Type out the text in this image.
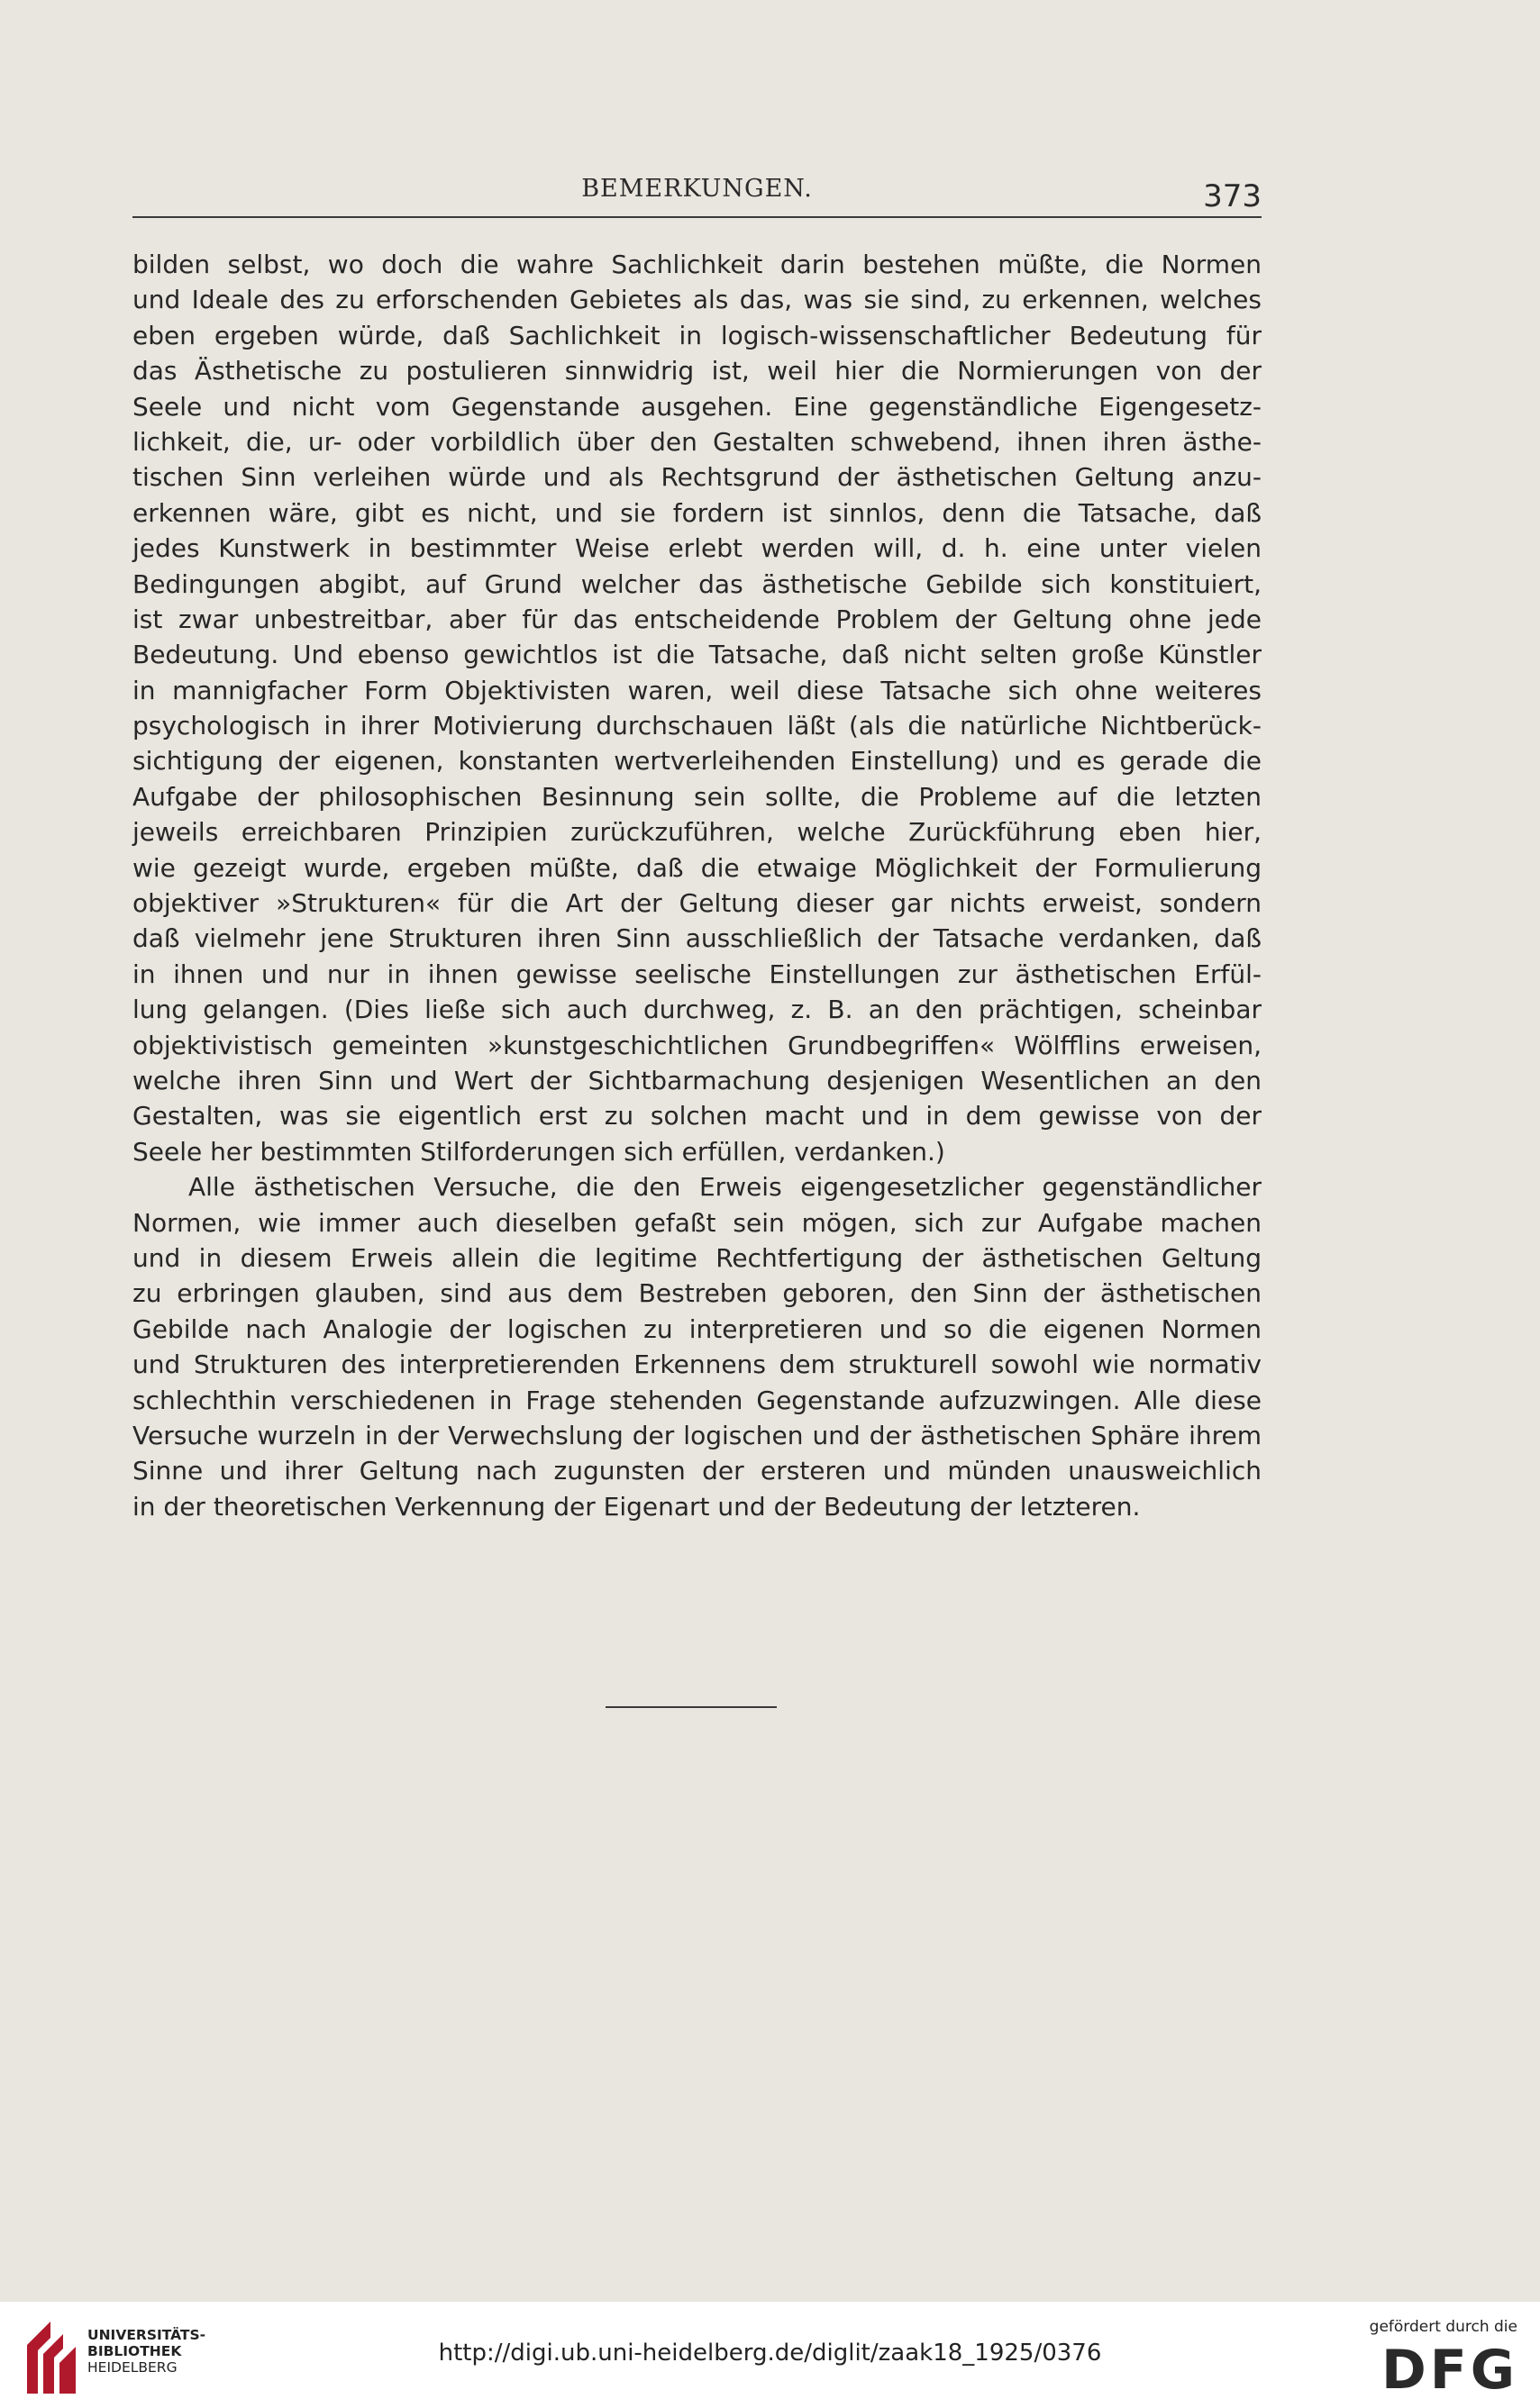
BEMERKUNGEN.	373
bilden selbst, wo doch die wahre Sachlichkeit darin bestehen müßte, die Normen
und Ideale des zu erforschenden Gebietes als das, was sie sind, zu erkennen, welches
eben ergeben würde, daß Sachlichkeit in logisch-wissenschaftlicher Bedeutung für
das Ästhetische zu postulieren sinnwidrig ist, weil hier die Normierungen von der
Seele und nicht vom Gegenstande ausgehen. Eine gegenständliche Eigengesetz-
lichkeit, die, ur- oder vorbildlich über den Gestalten schwebend, ihnen ihren ästhe-
tischen Sinn verleihen würde und als Rechtsgrund der ästhetischen Geltung anzu-
erkennen wäre, gibt es nicht, und sie fordern ist sinnlos, denn die Tatsache, daß
jedes Kunstwerk in bestimmter Weise erlebt werden will, d. h. eine unter vielen
Bedingungen abgibt, auf Grund welcher das ästhetische Gebilde sich konstituiert,
ist zwar unbestreitbar, aber für das entscheidende Problem der Geltung ohne jede
Bedeutung. Und ebenso gewichtlos ist die Tatsache, daß nicht selten große Künstler
in mannigfacher Form Objektivisten waren, weil diese Tatsache sich ohne weiteres
psychologisch in ihrer Motivierung durchschauen läßt (als die natürliche Nichtberück-
sichtigung der eigenen, konstanten wertverleihenden Einstellung) und es gerade die
Aufgabe der philosophischen Besinnung sein sollte, die Probleme auf die letzten
jeweils erreichbaren Prinzipien zurückzuführen, welche Zurückführung eben hier,
wie gezeigt wurde, ergeben müßte, daß die etwaige Möglichkeit der Formulierung
objektiver »Strukturen« für die Art der Geltung dieser gar nichts erweist, sondern
daß vielmehr jene Strukturen ihren Sinn ausschließlich der Tatsache verdanken, daß
in ihnen und nur in ihnen gewisse seelische Einstellungen zur ästhetischen Erfül-
lung gelangen. (Dies ließe sich auch durchweg, z. B. an den prächtigen, scheinbar
objektivistisch gemeinten »kunstgeschichtlichen Grundbegriffen« Wölfflins erweisen,
welche ihren Sinn und Wert der Sichtbarmachung desjenigen Wesentlichen an den
Gestalten, was sie eigentlich erst zu solchen macht und in dem gewisse von der
Seele her bestimmten Stilforderungen sich erfüllen, verdanken.)
Alle ästhetischen Versuche, die den Erweis eigengesetzlicher gegenständlicher
Normen, wie immer auch dieselben gefaßt sein mögen, sich zur Aufgabe machen
und in diesem Erweis allein die legitime Rechtfertigung der ästhetischen Geltung
zu erbringen glauben, sind aus dem Bestreben geboren, den Sinn der ästhetischen
Gebilde nach Analogie der logischen zu interpretieren und so die eigenen Normen
und Strukturen des interpretierenden Erkennens dem strukturell sowohl wie normativ
schlechthin verschiedenen in Frage stehenden Gegenstande aufzuzwingen. Alle diese
Versuche wurzeln in der Verwechslung der logischen und der ästhetischen Sphäre ihrem
Sinne und ihrer Geltung nach zugunsten der ersteren und münden unausweichlich
in der theoretischen Verkennung der Eigenart und der Bedeutung der letzteren.
UNIVERSITÄTS-
BIBLIOTHEK
HEIDELBERG
http://digi.ub.uni-heidelberg.de/diglit/zaak18_1925/0376
gefördert durch die
DFG
